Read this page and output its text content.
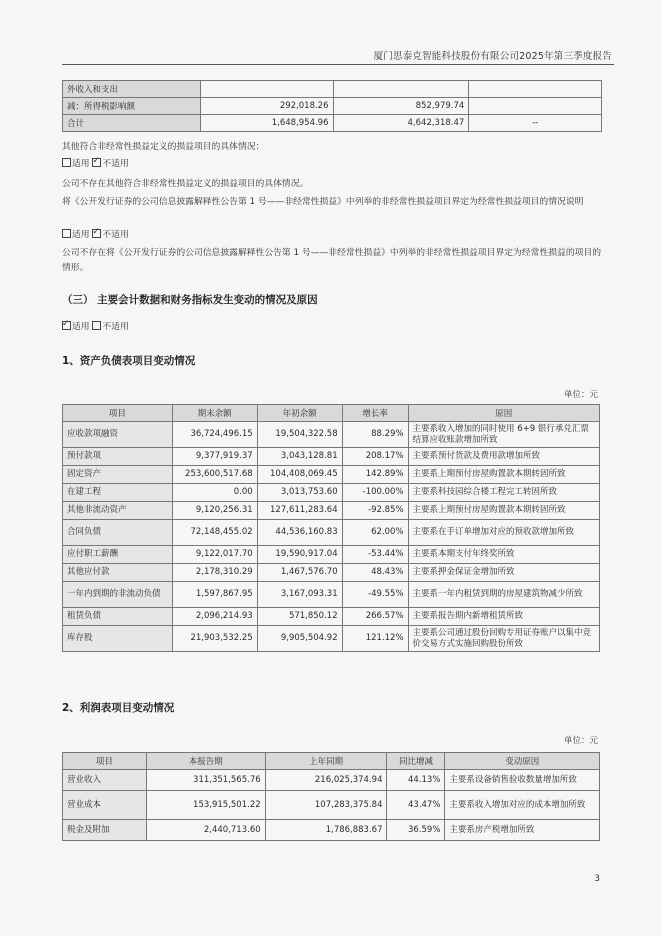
厦门思泰克智能科技股份有限公司2025年第三季度报告
外收入和支出			
减：所得税影响额	292,018.26	852,979.74	
合计	1,648,954.96	4,642,318.47	--
其他符合非经常性损益定义的损益项目的具体情况：
适用 ✓ 不适用
公司不存在其他符合非经常性损益定义的损益项目的具体情况。
将《公开发行证券的公司信息披露解释性公告第 1 号——非经常性损益》中列举的非经常性损益项目界定为经常性损益项目的情况说明
适用 ✓ 不适用
公司不存在将《公开发行证券的公司信息披露解释性公告第 1 号——非经常性损益》中列举的非经常性损益项目界定为经常性损益的项目的情形。
（三） 主要会计数据和财务指标发生变动的情况及原因
✓适用 不适用
1、资产负债表项目变动情况
单位：元
项目	期末余额	年初余额	增长率	原因
应收款项融资	36,724,496.15	19,504,322.58	88.29%	主要系收入增加的同时使用 6+9 银行承兑汇票结算应收账款增加所致
预付款项	9,377,919.37	3,043,128.81	208.17%	主要系预付货款及费用款增加所致
固定资产	253,600,517.68	104,408,069.45	142.89%	主要系上期预付房屋购置款本期转固所致
在建工程	0.00	3,013,753.60	-100.00%	主要系科技园综合楼工程完工转固所致
其他非流动资产	9,120,256.31	127,611,283.64	-92.85%	主要系上期预付房屋购置款本期转固所致
合同负债	72,148,455.02	44,536,160.83	62.00%	主要系在手订单增加对应的预收款增加所致
应付职工薪酬	9,122,017.70	19,590,917.04	-53.44%	主要系本期支付年终奖所致
其他应付款	2,178,310.29	1,467,576.70	48.43%	主要系押金保证金增加所致
一年内到期的非流动负债	1,597,867.95	3,167,093.31	-49.55%	主要系一年内租赁到期的房屋建筑物减少所致
租赁负债	2,096,214.93	571,850.12	266.57%	主要系报告期内新增租赁所致
库存股	21,903,532.25	9,905,504.92	121.12%	主要系公司通过股份回购专用证券账户以集中竞价交易方式实施回购股份所致
2、利润表项目变动情况
单位：元
项目	本报告期	上年同期	同比增减	变动原因
营业收入	311,351,565.76	216,025,374.94	44.13%	主要系设备销售验收数量增加所致
营业成本	153,915,501.22	107,283,375.84	43.47%	主要系收入增加对应的成本增加所致
税金及附加	2,440,713.60	1,786,883.67	36.59%	主要系房产税增加所致
3
